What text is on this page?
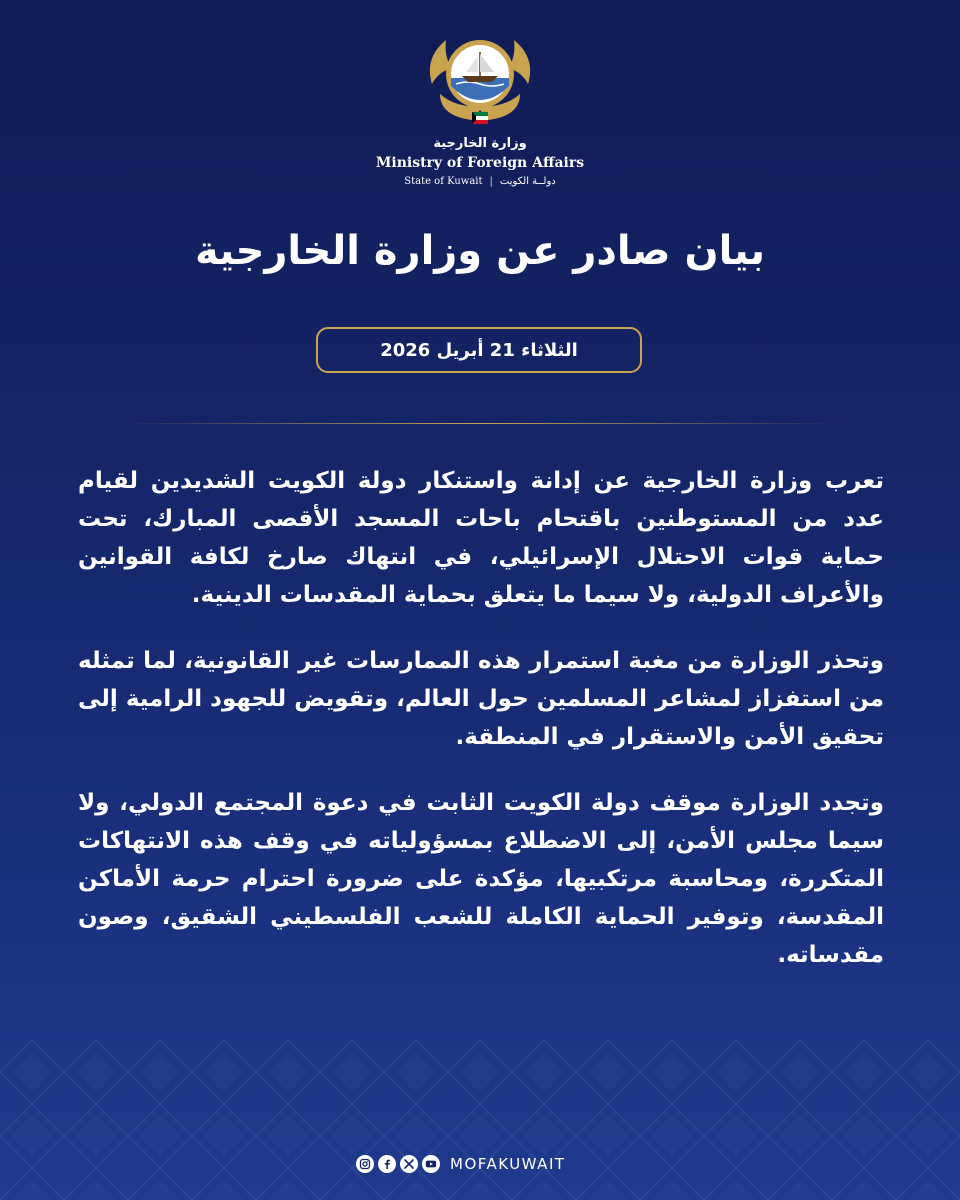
وزارة الخارجية
Ministry of Foreign Affairs
State of Kuwait | دولــة الكويت
بيان صادر عن وزارة الخارجية
الثلاثاء 21 أبريل 2026

تعرب وزارة الخارجية عن إدانة واستنكار دولة الكويت الشديدين لقيام عدد من المستوطنين باقتحام باحات المسجد الأقصى المبارك، تحت حماية قوات الاحتلال الإسرائيلي، في انتهاك صارخ لكافة القوانين والأعراف الدولية، ولا سيما ما يتعلق بحماية المقدسات الدينية.

وتحذر الوزارة من مغبة استمرار هذه الممارسات غير القانونية، لما تمثله من استفزاز لمشاعر المسلمين حول العالم، وتقويض للجهود الرامية إلى تحقيق الأمن والاستقرار في المنطقة.

وتجدد الوزارة موقف دولة الكويت الثابت في دعوة المجتمع الدولي، ولا سيما مجلس الأمن، إلى الاضطلاع بمسؤولياته في وقف هذه الانتهاكات المتكررة، ومحاسبة مرتكبيها، مؤكدة على ضرورة احترام حرمة الأماكن المقدسة، وتوفير الحماية الكاملة للشعب الفلسطيني الشقيق، وصون مقدساته.

MOFAKUWAIT
